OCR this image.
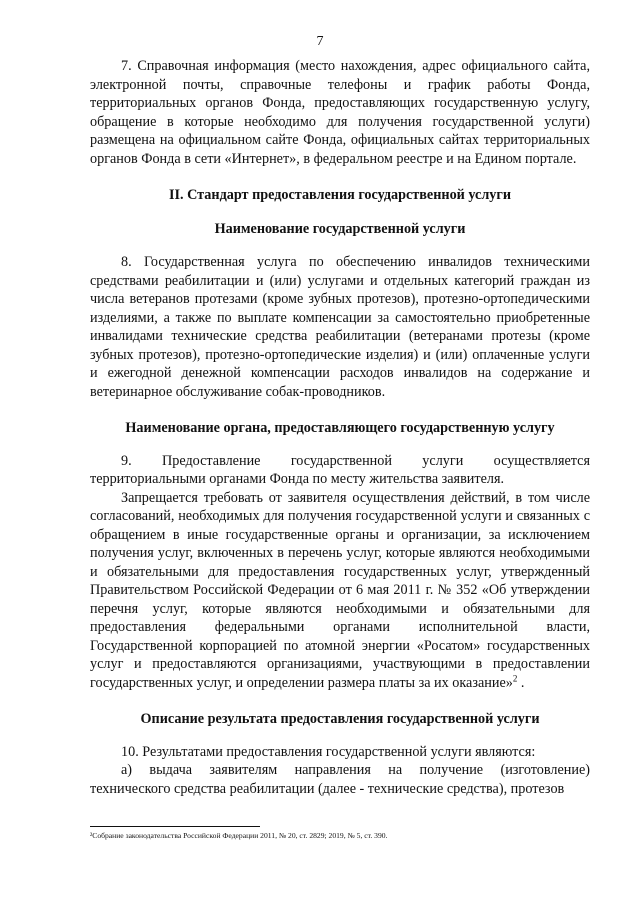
7

7. Справочная информация (место нахождения, адрес официального сайта, электронной почты, справочные телефоны и график работы Фонда, территориальных органов Фонда, предоставляющих государственную услугу, обращение в которые необходимо для получения государственной услуги) размещена на официальном сайте Фонда, официальных сайтах территориальных органов Фонда в сети «Интернет», в федеральном реестре и на Едином портале.

II. Стандарт предоставления государственной услуги
Наименование государственной услуги

8. Государственная услуга по обеспечению инвалидов техническими средствами реабилитации и (или) услугами и отдельных категорий граждан из числа ветеранов протезами (кроме зубных протезов), протезно-ортопедическими изделиями, а также по выплате компенсации за самостоятельно приобретенные инвалидами технические средства реабилитации (ветеранами протезы (кроме зубных протезов), протезно-ортопедические изделия) и (или) оплаченные услуги и ежегодной денежной компенсации расходов инвалидов на содержание и ветеринарное обслуживание собак-проводников.

Наименование органа, предоставляющего государственную услугу

9. Предоставление государственной услуги осуществляется территориальными органами Фонда по месту жительства заявителя.

Запрещается требовать от заявителя осуществления действий, в том числе согласований, необходимых для получения государственной услуги и связанных с обращением в иные государственные органы и организации, за исключением получения услуг, включенных в перечень услуг, которые являются необходимыми и обязательными для предоставления государственных услуг, утвержденный Правительством Российской Федерации от 6 мая 2011 г. № 352 «Об утверждении перечня услуг, которые являются необходимыми и обязательными для предоставления федеральными органами исполнительной власти, Государственной корпорацией по атомной энергии «Росатом» государственных услуг и предоставляются организациями, участвующими в предоставлении государственных услуг, и определении размера платы за их оказание»$^2$ .

Описание результата предоставления государственной услуги

10. Результатами предоставления государственной услуги являются:

а) выдача заявителям направления на получение (изготовление) технического средства реабилитации (далее - технические средства), протезов

²Собрание законодательства Российской Федерации 2011, № 20, ст. 2829; 2019, № 5, ст. 390.
